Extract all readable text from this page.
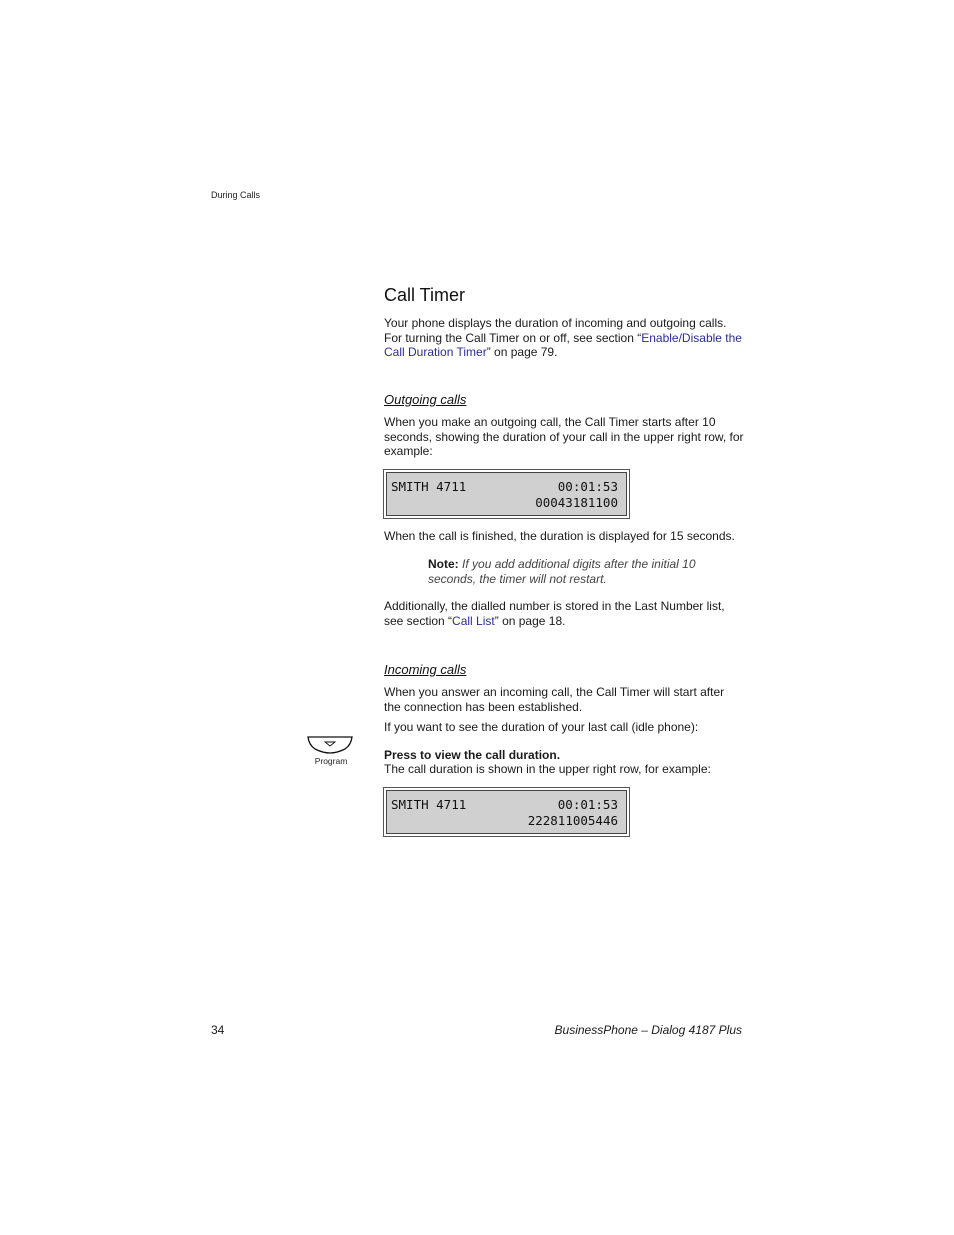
During Calls
Call Timer

Your phone displays the duration of incoming and outgoing calls. For turning the Call Timer on or off, see section “Enable/Disable the Call Duration Timer” on page 79.

Outgoing calls

When you make an outgoing call, the Call Timer starts after 10 seconds, showing the duration of your call in the upper right row, for example:

SMITH 4711	00:01:53
00043181100

When the call is finished, the duration is displayed for 15 seconds.

Note: If you add additional digits after the initial 10 seconds, the timer will not restart.

Additionally, the dialled number is stored in the Last Number list, see section “Call List” on page 18.

Incoming calls

When you answer an incoming call, the Call Timer will start after the connection has been established.

If you want to see the duration of your last call (idle phone):

Program	Press to view the call duration.

The call duration is shown in the upper right row, for example:

SMITH 4711	00:01:53
222811005446
34	BusinessPhone – Dialog 4187 Plus
